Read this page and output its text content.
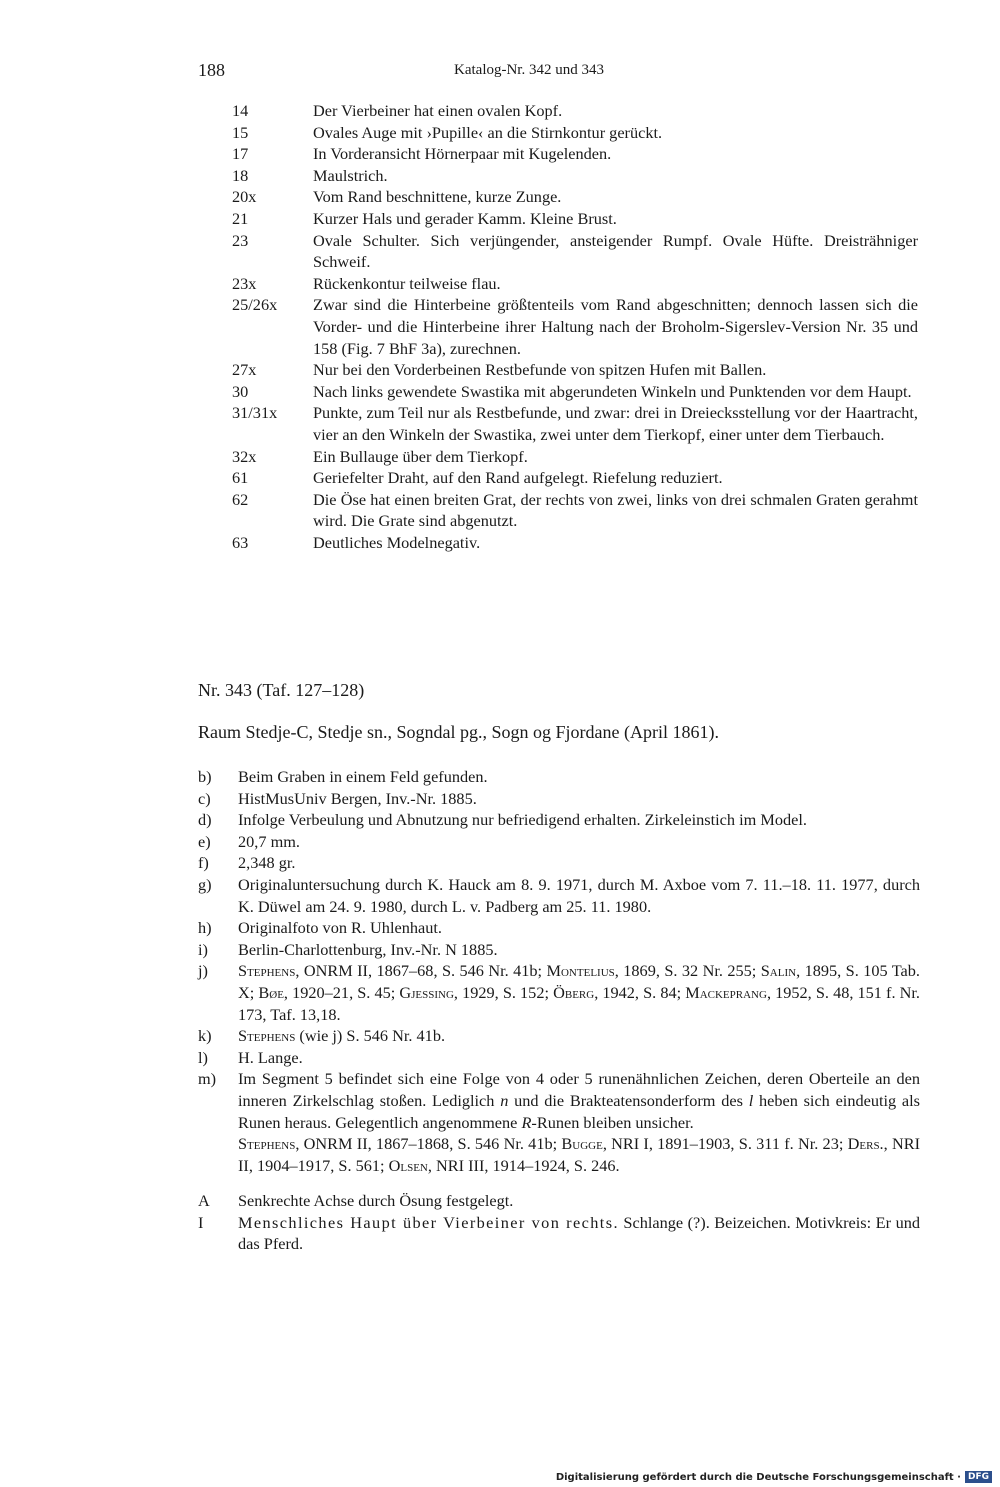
188	Katalog-Nr. 342 und 343
14	Der Vierbeiner hat einen ovalen Kopf.
15	Ovales Auge mit ›Pupille‹ an die Stirnkontur gerückt.
17	In Vorderansicht Hörnerpaar mit Kugelenden.
18	Maulstrich.
20x	Vom Rand beschnittene, kurze Zunge.
21	Kurzer Hals und gerader Kamm. Kleine Brust.
23	Ovale Schulter. Sich verjüngender, ansteigender Rumpf. Ovale Hüfte. Dreisträhniger Schweif.
23x	Rückenkontur teilweise flau.
25/26x	Zwar sind die Hinterbeine größtenteils vom Rand abgeschnitten; dennoch lassen sich die Vorder- und die Hinterbeine ihrer Haltung nach der Broholm-Sigerslev-Version Nr. 35 und 158 (Fig. 7 BhF 3a), zurechnen.
27x	Nur bei den Vorderbeinen Restbefunde von spitzen Hufen mit Ballen.
30	Nach links gewendete Swastika mit abgerundeten Winkeln und Punktenden vor dem Haupt.
31/31x	Punkte, zum Teil nur als Restbefunde, und zwar: drei in Dreiecksstellung vor der Haartracht, vier an den Winkeln der Swastika, zwei unter dem Tierkopf, einer unter dem Tierbauch.
32x	Ein Bullauge über dem Tierkopf.
61	Geriefelter Draht, auf den Rand aufgelegt. Riefelung reduziert.
62	Die Öse hat einen breiten Grat, der rechts von zwei, links von drei schmalen Graten gerahmt wird. Die Grate sind abgenutzt.
63	Deutliches Modelnegativ.
Nr. 343 (Taf. 127–128)
Raum Stedje-C, Stedje sn., Sogndal pg., Sogn og Fjordane (April 1861).
b)	Beim Graben in einem Feld gefunden.
c)	HistMusUniv Bergen, Inv.-Nr. 1885.
d)	Infolge Verbeulung und Abnutzung nur befriedigend erhalten. Zirkeleinstich im Model.
e)	20,7 mm.
f)	2,348 gr.
g)	Originaluntersuchung durch K. Hauck am 8. 9. 1971, durch M. Axboe vom 7. 11.–18. 11. 1977, durch K. Düwel am 24. 9. 1980, durch L. v. Padberg am 25. 11. 1980.
h)	Originalfoto von R. Uhlenhaut.
i)	Berlin-Charlottenburg, Inv.-Nr. N 1885.
j)	Stephens, ONRM II, 1867–68, S. 546 Nr. 41b; Montelius, 1869, S. 32 Nr. 255; Salin, 1895, S. 105 Tab. X; Bøe, 1920–21, S. 45; Gjessing, 1929, S. 152; Öberg, 1942, S. 84; Mackeprang, 1952, S. 48, 151 f. Nr. 173, Taf. 13,18.
k)	Stephens (wie j) S. 546 Nr. 41b.
l)	H. Lange.
m)	Im Segment 5 befindet sich eine Folge von 4 oder 5 runenähnlichen Zeichen, deren Oberteile an den inneren Zirkelschlag stoßen. Lediglich n und die Brakteatensonderform des l heben sich eindeutig als Runen heraus. Gelegentlich angenommene R-Runen bleiben unsicher.
Stephens, ONRM II, 1867–1868, S. 546 Nr. 41b; Bugge, NRI I, 1891–1903, S. 311 f. Nr. 23; Ders., NRI II, 1904–1917, S. 561; Olsen, NRI III, 1914–1924, S. 246.
A	Senkrechte Achse durch Ösung festgelegt.
I	Menschliches Haupt über Vierbeiner von rechts. Schlange (?). Beizeichen. Motivkreis: Er und das Pferd.
Digitalisierung gefördert durch die Deutsche Forschungsgemeinschaft · DFG
